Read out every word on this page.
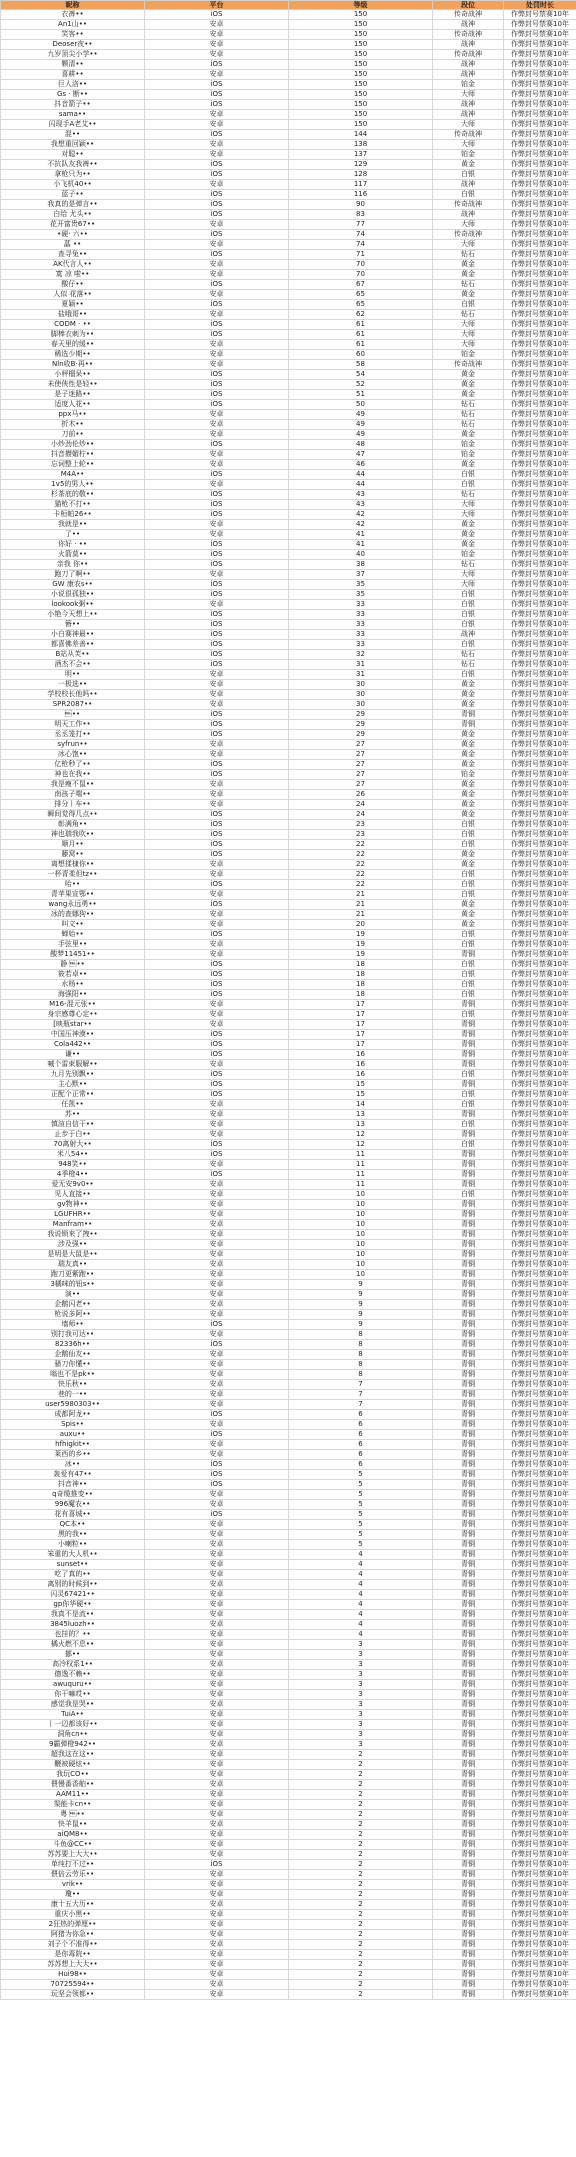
昵称	平台	等级	段位	处罚时长
衣裤••	iOS	150	传奇战神	作弊封号禁赛10年
An1山••	安卓	150	战神	作弊封号禁赛10年
笑客••	安卓	150	传奇战神	作弊封号禁赛10年
Deoser夜••	安卓	150	战神	作弊封号禁赛10年
九岁顶尖小学••	安卓	150	传奇战神	作弊封号禁赛10年
颗清••	iOS	150	战神	作弊封号禁赛10年
喜耕••	安卓	150	战神	作弊封号禁赛10年
巨人洛••	iOS	150	铂金	作弊封号禁赛10年
Gs · 断••	iOS	150	大师	作弊封号禁赛10年
抖音箭子••	iOS	150	战神	作弊封号禁赛10年
sama••	安卓	150	战神	作弊封号禁赛10年
闪现手A老艾••	安卓	150	大师	作弊封号禁赛10年
混••	iOS	144	传奇战神	作弊封号禁赛10年
我想重回颖••	安卓	138	大师	作弊封号禁赛10年
对聪••	安卓	137	铂金	作弊封号禁赛10年
不抗队友我裤••	iOS	129	黄金	作弊封号禁赛10年
拿枪只为••	iOS	128	白银	作弊封号禁赛10年
小飞机40••	安卓	117	战神	作弊封号禁赛10年
蓝子••	iOS	116	白银	作弊封号禁赛10年
我真的是弹言••	iOS	90	传奇战神	作弊封号禁赛10年
白给 尤头••	iOS	83	战神	作弊封号禁赛10年
花开富贵67••	安卓	77	大师	作弊封号禁赛10年
•硬· 六••	iOS	74	传奇战神	作弊封号禁赛10年
蕌 ••	安卓	74	大师	作弊封号禁赛10年
查寻兔••	iOS	71	钻石	作弊封号禁赛10年
AK代言人••	安卓	70	黄金	作弊封号禁赛10年
寞 凉 啦••	安卓	70	黄金	作弊封号禁赛10年
酸仔••	iOS	67	钻石	作弊封号禁赛10年
人似 花落••	安卓	65	黄金	作弊封号禁赛10年
夏颖••	iOS	65	白银	作弊封号禁赛10年
盐哦哥••	安卓	62	钻石	作弊封号禁赛10年
CODM · ••	iOS	61	大师	作弊封号禁赛10年
脚棒衣刺为••	iOS	61	大师	作弊封号禁赛10年
春天里的缓••	安卓	61	大师	作弊封号禁赛10年
稀选少期••	安卓	60	铂金	作弊封号禁赛10年
Nln收B·再••	安卓	58	传奇战神	作弊封号禁赛10年
小秤榴呆••	iOS	54	黄金	作弊封号禁赛10年
未使俠性是轻••	iOS	52	黄金	作弊封号禁赛10年
是子迷路••	iOS	51	黄金	作弊封号禁赛10年
适度人花••	iOS	50	钻石	作弊封号禁赛10年
ppx马••	安卓	49	钻石	作弊封号禁赛10年
折木••	安卓	49	钻石	作弊封号禁赛10年
刀前••	安卓	49	黄金	作弊封号禁赛10年
小炒劲伦炒••	iOS	48	铂金	作弊封号禁赛10年
抖音攒媚柠••	安卓	47	铂金	作弊封号禁赛10年
忘词整上轮••	安卓	46	黄金	作弊封号禁赛10年
M4A••	iOS	44	白银	作弊封号禁赛10年
1v5的男人••	安卓	44	白银	作弊封号禁赛10年
杉茶底的敬••	iOS	43	钻石	作弊封号禁赛10年
猫枪不打••	iOS	43	大师	作弊封号禁赛10年
卡桓帕26••	iOS	42	大师	作弊封号禁赛10年
我就是••	安卓	42	黄金	作弊封号禁赛10年
了••	安卓	41	黄金	作弊封号禁赛10年
你好 · ••	iOS	41	黄金	作弊封号禁赛10年
火箭莫••	iOS	40	铂金	作弊封号禁赛10年
亲我 你••	iOS	38	钻石	作弊封号禁赛10年
跑刀了啊••	安卓	37	大师	作弊封号禁赛10年
GW 康农s••	iOS	35	大师	作弊封号禁赛10年
小说很孤独••	iOS	35	白银	作弊封号禁赛10年
lookook粥••	安卓	33	白银	作弊封号禁赛10年
小艳今天想上••	iOS	33	白银	作弊封号禁赛10年
簪••	iOS	33	白银	作弊封号禁赛10年
小白赛神最••	iOS	33	战神	作弊封号禁赛10年
都喜佛差善••	iOS	33	白银	作弊封号禁赛10年
B站从芙••	iOS	32	钻石	作弊封号禁赛10年
酒杰不会••	iOS	31	钻石	作弊封号禁赛10年
明••	安卓	31	白银	作弊封号禁赛10年
一极选••	安卓	30	黄金	作弊封号禁赛10年
学校校长他吗••	安卓	30	黄金	作弊封号禁赛10年
SPR2087••	安卓	30	黄金	作弊封号禁赛10年
••	iOS	29	青铜	作弊封号禁赛10年
明天工作••	iOS	29	青铜	作弊封号禁赛10年
丞丞笼打••	iOS	29	黄金	作弊封号禁赛10年
syfrun••	安卓	27	黄金	作弊封号禁赛10年
冰心饱••	安卓	27	黄金	作弊封号禁赛10年
亿枪秒了••	iOS	27	黄金	作弊封号禁赛10年
神也在我••	iOS	27	铂金	作弊封号禁赛10年
我是瘦不鼠••	安卓	27	黄金	作弊封号禁赛10年
南孩子喘••	安卓	26	黄金	作弊封号禁赛10年
排分丨车••	安卓	24	黄金	作弊封号禁赛10年
瞬间觉得几点••	iOS	24	黄金	作弊封号禁赛10年
彰满角••	iOS	23	白银	作弊封号禁赛10年
神也瑞我吹••	iOS	23	白银	作弊封号禁赛10年
顺月••	iOS	22	白银	作弊封号禁赛10年
藤窝••	iOS	22	黄金	作弊封号禁赛10年
离想揉棣你••	安卓	22	黄金	作弊封号禁赛10年
一杯青柔但tz••	安卓	22	白银	作弊封号禁赛10年
哈••	iOS	22	白银	作弊封号禁赛10年
青苹果宣鄂••	安卓	21	白银	作弊封号禁赛10年
wang永远勇••	iOS	21	黄金	作弊封号禁赛10年
冰的查娜狗••	安卓	21	黄金	作弊封号禁赛10年
叫文••	安卓	20	黄金	作弊封号禁赛10年
蝉始••	iOS	19	白银	作弊封号禁赛10年
手弦里••	安卓	19	白银	作弊封号禁赛10年
酸梦11451••	安卓	19	青铜	作弊封号禁赛10年
静 ••	iOS	18	白银	作弊封号禁赛10年
筱若卓••	iOS	18	白银	作弊封号禁赛10年
水杨••	iOS	18	白银	作弊封号禁赛10年
海强阳••	iOS	18	白银	作弊封号禁赛10年
M16-混元张••	安卓	17	青铜	作弊封号禁赛10年
身宗感尊心定••	安卓	17	白银	作弊封号禁赛10年
[映瓶star••	安卓	17	青铜	作弊封号禁赛10年
中国压神漠••	iOS	17	青铜	作弊封号禁赛10年
Cola442••	iOS	17	青铜	作弊封号禁赛10年
谦••	iOS	16	青铜	作弊封号禁赛10年
喊个雷束服解••	安卓	16	青铜	作弊封号禁赛10年
九月先别飘••	iOS	16	白银	作弊封号禁赛10年
主心默••	iOS	15	青铜	作弊封号禁赛10年
正配个正常••	iOS	15	白银	作弊封号禁赛10年
任凯••	安卓	14	白银	作弊封号禁赛10年
苏••	安卓	13	青铜	作弊封号禁赛10年
慎渲自信干••	安卓	13	白银	作弊封号禁赛10年
止步于白••	安卓	12	青铜	作弊封号禁赛10年
70离射大••	iOS	12	白银	作弊封号禁赛10年
米八54••	iOS	11	青铜	作弊封号禁赛10年
948笑••	安卓	11	青铜	作弊封号禁赛10年
4季橙4••	iOS	11	青铜	作弊封号禁赛10年
爱无安9v0••	安卓	11	青铜	作弊封号禁赛10年
见人直接••	安卓	10	白银	作弊封号禁赛10年
gv物神••	安卓	10	青铜	作弊封号禁赛10年
LGUFHR••	安卓	10	青铜	作弊封号禁赛10年
Manfram••	安卓	10	青铜	作弊封号禁赛10年
我说锁来了拽••	安卓	10	青铜	作弊封号禁赛10年
涉及强••	安卓	10	青铜	作弊封号禁赛10年
是明是大鼠是••	安卓	10	青铜	作弊封号禁赛10年
瑞友真••	安卓	10	青铜	作弊封号禁赛10年
跑刀更紫跑••	安卓	10	青铜	作弊封号禁赛10年
3橘咪的钮s••	安卓	9	青铜	作弊封号禁赛10年
演••	安卓	9	青铜	作弊封号禁赛10年
企鹅闪老••	安卓	9	青铜	作弊封号禁赛10年
枪说多阿••	安卓	9	青铜	作弊封号禁赛10年
墙师••	iOS	9	青铜	作弊封号禁赛10年
别打我可达••	安卓	8	青铜	作弊封号禁赛10年
82336h••	iOS	8	青铜	作弊封号禁赛10年
企鹅仙友••	安卓	8	青铜	作弊封号禁赛10年
骚刀你懂••	安卓	8	青铜	作弊封号禁赛10年
嗡也不是pk••	安卓	8	青铜	作弊封号禁赛10年
快乐秋••	安卓	7	青铜	作弊封号禁赛10年
巷的一••	安卓	7	青铜	作弊封号禁赛10年
user5980303••	安卓	7	青铜	作弊封号禁赛10年
成都阿龙••	iOS	6	青铜	作弊封号禁赛10年
Spis••	安卓	6	青铜	作弊封号禁赛10年
auxu••	iOS	6	青铜	作弊封号禁赛10年
hfhigkit••	安卓	6	青铜	作弊封号禁赛10年
莱西的乡••	安卓	6	青铜	作弊封号禁赛10年
冰••	iOS	6	青铜	作弊封号禁赛10年
轰爱有47••	iOS	5	青铜	作弊封号禁赛10年
抖音神••	iOS	5	青铜	作弊封号禁赛10年
q奇缆推变••	安卓	5	青铜	作弊封号禁赛10年
996魔农••	安卓	5	青铜	作弊封号禁赛10年
花有喜城••	iOS	5	青铜	作弊封号禁赛10年
QC本••	安卓	5	青铜	作弊封号禁赛10年
黑的我••	安卓	5	青铜	作弊封号禁赛10年
小喇粒••	安卓	5	青铜	作弊封号禁赛10年
笨重的大人机••	安卓	4	青铜	作弊封号禁赛10年
sunset••	安卓	4	青铜	作弊封号禁赛10年
吃了真的••	安卓	4	青铜	作弊封号禁赛10年
离别的时候到••	安卓	4	青铜	作弊封号禁赛10年
闪灵67421••	安卓	4	青铜	作弊封号禁赛10年
gp你华硬••	安卓	4	青铜	作弊封号禁赛10年
我真不是流••	安卓	4	青铜	作弊封号禁赛10年
3845luozh••	安卓	4	青铜	作弊封号禁赛10年
也挂的？••	安卓	4	青铜	作弊封号禁赛10年
橘火燃不息••	安卓	3	青铜	作弊封号禁赛10年
挪••	安卓	3	青铜	作弊封号禁赛10年
高冷权系1••	安卓	3	青铜	作弊封号禁赛10年
德逸不赖••	安卓	3	青铜	作弊封号禁赛10年
awuquru••	安卓	3	青铜	作弊封号禁赛10年
你干嘛哎••	安卓	3	青铜	作弊封号禁赛10年
感觉我是哭••	安卓	3	青铜	作弊封号禁赛10年
TuiA••	安卓	3	青铜	作弊封号禁赛10年
丨一辺都该好••	安卓	3	青铜	作弊封号禁赛10年
洞角cn••	安卓	3	青铜	作弊封号禁赛10年
9霸弹橙942••	安卓	3	青铜	作弊封号禁赛10年
超我这在这••	安卓	2	青铜	作弊封号禁赛10年
鞭被硬炫••	安卓	2	青铜	作弊封号禁赛10年
我玩CO••	安卓	2	青铜	作弊封号禁赛10年
偎慢番香舶••	安卓	2	青铜	作弊封号禁赛10年
AAM11••	安卓	2	青铜	作弊封号禁赛10年
渠能卡cn••	安卓	2	青铜	作弊封号禁赛10年
粤 ••	安卓	2	青铜	作弊封号禁赛10年
快羊鼠••	安卓	2	青铜	作弊封号禁赛10年
aiQM8••	安卓	2	青铜	作弊封号禁赛10年
斗鱼@CC••	安卓	2	青铜	作弊封号禁赛10年
苏苏要上大大••	安卓	2	青铜	作弊封号禁赛10年
单纯打不过••	iOS	2	青铜	作弊封号禁赛10年
偎倍云劳乐••	安卓	2	青铜	作弊封号禁赛10年
vrik••	安卓	2	青铜	作弊封号禁赛10年
瓊••	安卓	2	青铜	作弊封号禁赛10年
康十五大历••	安卓	2	青铜	作弊封号禁赛10年
重庆小黑••	安卓	2	青铜	作弊封号禁赛10年
2狂热的弹厘••	安卓	2	青铜	作弊封号禁赛10年
阿猪为你急••	安卓	2	青铜	作弊封号禁赛10年
刘子个不准得••	安卓	2	青铜	作弊封号禁赛10年
是你毒院••	安卓	2	青铜	作弊封号禁赛10年
苏苏想上大大••	安卓	2	青铜	作弊封号禁赛10年
Hui98••	安卓	2	青铜	作弊封号禁赛10年
70725594••	安卓	2	青铜	作弊封号禁赛10年
玩坚会领都••	安卓	2	青铜	作弊封号禁赛10年
